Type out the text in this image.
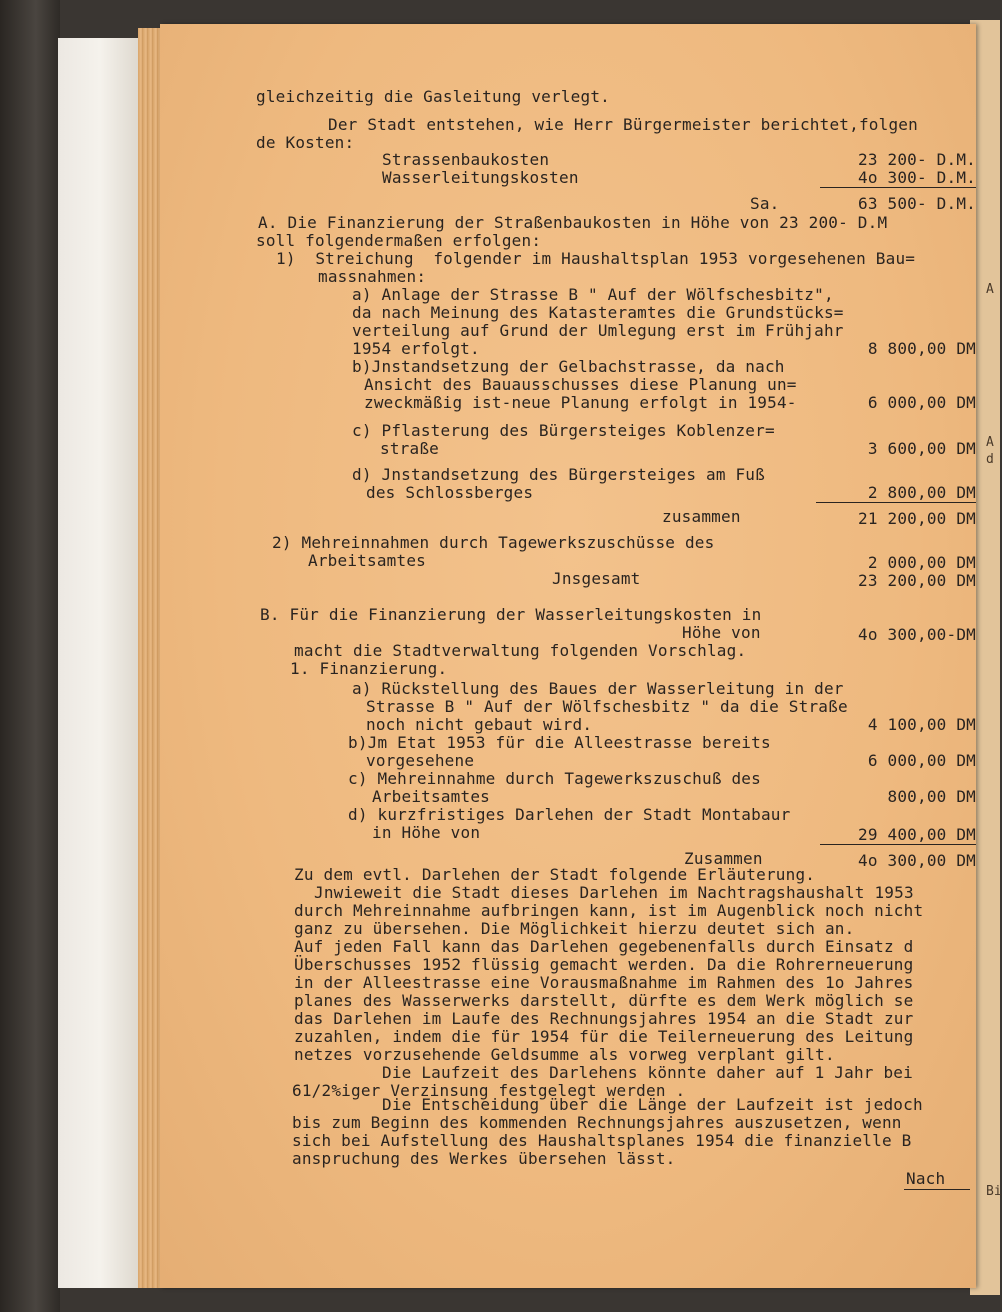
A
A
d
Bi
gleichzeitig die Gasleitung verlegt.
Der Stadt entstehen, wie Herr Bürgermeister berichtet,folgen
de Kosten:
Strassenbaukosten	23 200- D.M.
Wasserleitungskosten	4o 300- D.M.
Sa.	63 500- D.M.
A. Die Finanzierung der Straßenbaukosten in Höhe von 23 200- D.M
soll folgendermaßen erfolgen:
1)  Streichung  folgender im Haushaltsplan 1953 vorgesehenen Bau=
massnahmen:
a) Anlage der Strasse B " Auf der Wölfschesbitz",
da nach Meinung des Katasteramtes die Grundstücks=
verteilung auf Grund der Umlegung erst im Frühjahr
1954 erfolgt.	8 800,00 DM
b)Jnstandsetzung der Gelbachstrasse, da nach
Ansicht des Bauausschusses diese Planung un=
zweckmäßig ist-neue Planung erfolgt in 1954-	6 000,00 DM
c) Pflasterung des Bürgersteiges Koblenzer=
straße	3 600,00 DM
d) Jnstandsetzung des Bürgersteiges am Fuß
des Schlossberges	2 800,00 DM
zusammen	21 200,00 DM
2) Mehreinnahmen durch Tagewerkszuschüsse des
Arbeitsamtes	2 000,00 DM
Jnsgesamt	23 200,00 DM
B. Für die Finanzierung der Wasserleitungskosten in
Höhe von	4o 300,00-DM
macht die Stadtverwaltung folgenden Vorschlag.
1. Finanzierung.
a) Rückstellung des Baues der Wasserleitung in der
Strasse B " Auf der Wölfschesbitz " da die Straße
noch nicht gebaut wird.	4 100,00 DM
b)Jm Etat 1953 für die Alleestrasse bereits
vorgesehene	6 000,00 DM
c) Mehreinnahme durch Tagewerkszuschuß des
Arbeitsamtes	800,00 DM
d) kurzfristiges Darlehen der Stadt Montabaur
in Höhe von	29 400,00 DM
Zusammen	4o 300,00 DM
Zu dem evtl. Darlehen der Stadt folgende Erläuterung.
Jnwieweit die Stadt dieses Darlehen im Nachtragshaushalt 1953
durch Mehreinnahme aufbringen kann, ist im Augenblick noch nicht
ganz zu übersehen. Die Möglichkeit hierzu deutet sich an.
Auf jeden Fall kann das Darlehen gegebenenfalls durch Einsatz d
Überschusses 1952 flüssig gemacht werden. Da die Rohrerneuerung
in der Alleestrasse eine Vorausmaßnahme im Rahmen des 1o Jahres
planes des Wasserwerks darstellt, dürfte es dem Werk möglich se
das Darlehen im Laufe des Rechnungsjahres 1954 an die Stadt zur
zuzahlen, indem die für 1954 für die Teilerneuerung des Leitung
netzes vorzusehende Geldsumme als vorweg verplant gilt.
Die Laufzeit des Darlehens könnte daher auf 1 Jahr bei
61/2%iger Verzinsung festgelegt werden .
Die Entscheidung über die Länge der Laufzeit ist jedoch
bis zum Beginn des kommenden Rechnungsjahres auszusetzen, wenn
sich bei Aufstellung des Haushaltsplanes 1954 die finanzielle B
anspruchung des Werkes übersehen lässt.
Nach
